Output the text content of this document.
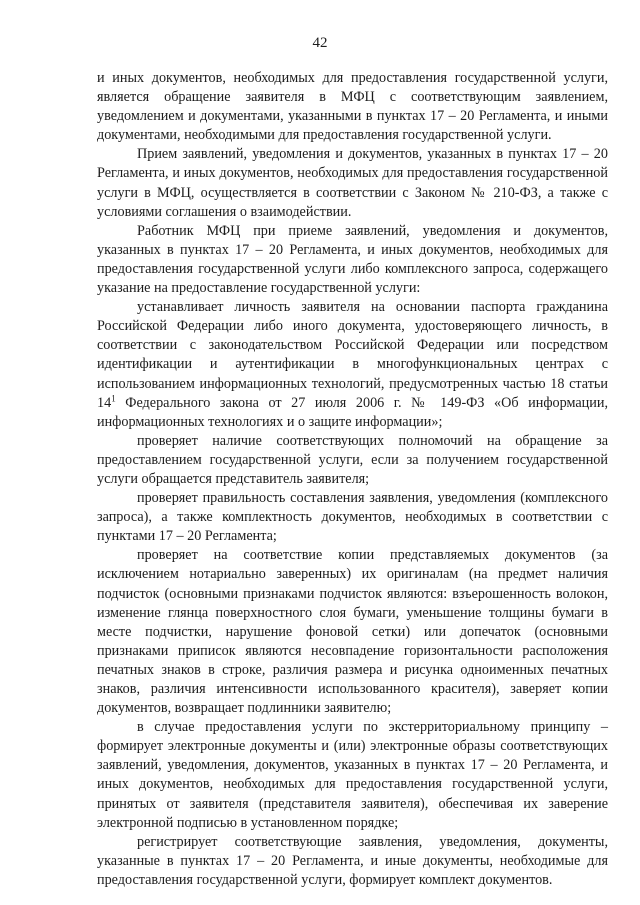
42

и иных документов, необходимых для предоставления государственной услуги, является обращение заявителя в МФЦ с соответствующим заявлением, уведомлением и документами, указанными в пунктах 17 – 20 Регламента, и иными документами, необходимыми для предоставления государственной услуги.

Прием заявлений, уведомления и документов, указанных в пунктах 17 – 20 Регламента, и иных документов, необходимых для предоставления государственной услуги в МФЦ, осуществляется в соответствии с Законом № 210-ФЗ, а также с условиями соглашения о взаимодействии.

Работник МФЦ при приеме заявлений, уведомления и документов, указанных в пунктах 17 – 20 Регламента, и иных документов, необходимых для предоставления государственной услуги либо комплексного запроса, содержащего указание на предоставление государственной услуги:

устанавливает личность заявителя на основании паспорта гражданина Российской Федерации либо иного документа, удостоверяющего личность, в соответствии с законодательством Российской Федерации или посредством идентификации и аутентификации в многофункциональных центрах с использованием информационных технологий, предусмотренных частью 18 статьи $14^1$ Федерального закона от 27 июля 2006 г. № 149-ФЗ «Об информации, информационных технологиях и о защите информации»;

проверяет наличие соответствующих полномочий на обращение за предоставлением государственной услуги, если за получением государственной услуги обращается представитель заявителя;

проверяет правильность составления заявления, уведомления (комплексного запроса), а также комплектность документов, необходимых в соответствии с пунктами 17 – 20 Регламента;

проверяет на соответствие копии представляемых документов (за исключением нотариально заверенных) их оригиналам (на предмет наличия подчисток (основными признаками подчисток являются: взъерошенность волокон, изменение глянца поверхностного слоя бумаги, уменьшение толщины бумаги в месте подчистки, нарушение фоновой сетки) или допечаток (основными признаками приписок являются несовпадение горизонтальности расположения печатных знаков в строке, различия размера и рисунка одноименных печатных знаков, различия интенсивности использованного красителя), заверяет копии документов, возвращает подлинники заявителю;

в случае предоставления услуги по экстерриториальному принципу – формирует электронные документы и (или) электронные образы соответствующих заявлений, уведомления, документов, указанных в пунктах 17 – 20 Регламента, и иных документов, необходимых для предоставления государственной услуги, принятых от заявителя (представителя заявителя), обеспечивая их заверение электронной подписью в установленном порядке;

регистрирует соответствующие заявления, уведомления, документы, указанные в пунктах 17 – 20 Регламента, и иные документы, необходимые для предоставления государственной услуги, формирует комплект документов.
